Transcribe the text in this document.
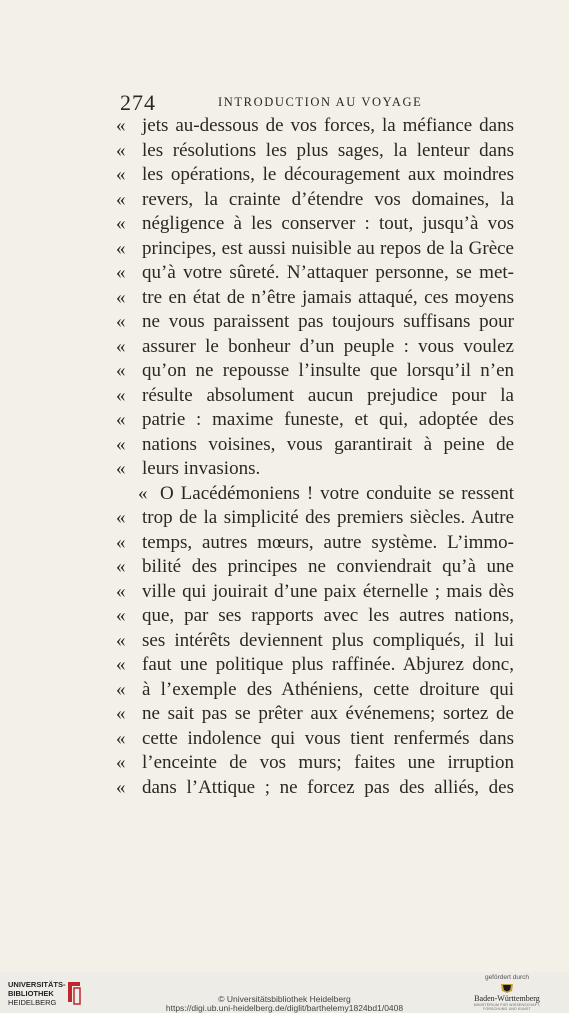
274	INTRODUCTION AU VOYAGE
« jets au-dessous de vos forces, la méfiance dans
« les résolutions les plus sages, la lenteur dans
« les opérations, le découragement aux moindres
« revers, la crainte d’étendre vos domaines, la
« négligence à les conserver : tout, jusqu’à vos
« principes, est aussi nuisible au repos de la Grèce
« qu’à votre sûreté. N’attaquer personne, se met-
« tre en état de n’être jamais attaqué, ces moyens
« ne vous paraissent pas toujours suffisans pour
« assurer le bonheur d’un peuple : vous voulez
« qu’on ne repousse l’insulte que lorsqu’il n’en
« résulte absolument aucun prejudice pour la
« patrie : maxime funeste, et qui, adoptée des
« nations voisines, vous garantirait à peine de
« leurs invasions.
« O Lacédémoniens ! votre conduite se ressent
« trop de la simplicité des premiers siècles. Autre
« temps, autres mœurs, autre système. L’immo-
« bilité des principes ne conviendrait qu’à une
« ville qui jouirait d’une paix éternelle ; mais dès
« que, par ses rapports avec les autres nations,
« ses intérêts deviennent plus compliqués, il lui
« faut une politique plus raffinée. Abjurez donc,
« à l’exemple des Athéniens, cette droiture qui
« ne sait pas se prêter aux événemens; sortez de
« cette indolence qui vous tient renfermés dans
« l’enceinte de vos murs; faites une irruption
« dans l’Attique ; ne forcez pas des alliés, des
UNIVERSITÄTS-
BIBLIOTHEK
HEIDELBERG	© Universitätsbibliothek Heidelberg
https://digi.ub.uni-heidelberg.de/diglit/barthelemy1824bd1/0408
gefördert durch
Baden-Württemberg
MINISTERIUM FÜR WISSENSCHAFT, FORSCHUNG UND KUNST
